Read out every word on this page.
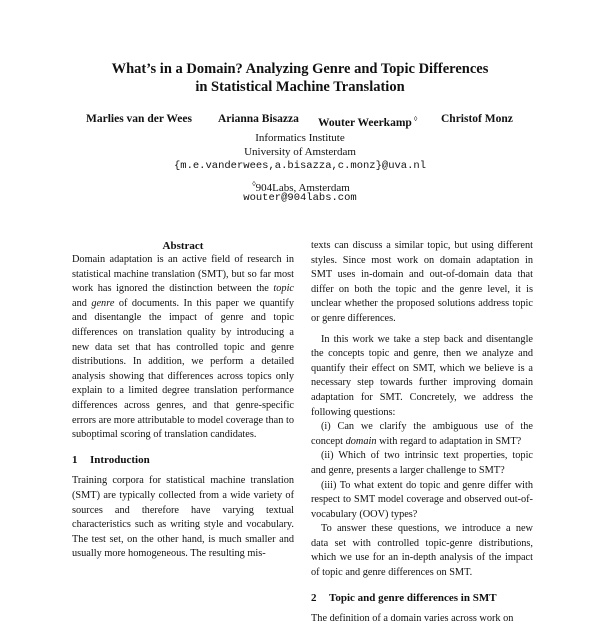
What’s in a Domain? Analyzing Genre and Topic Differences
in Statistical Machine Translation
Marlies van der Wees Arianna Bisazza Wouter Weerkamp ◊ Christof Monz
Informatics Institute
University of Amsterdam
{m.e.vanderwees,a.bisazza,c.monz}@uva.nl
◊904Labs, Amsterdam
wouter@904labs.com
Abstract

Domain adaptation is an active field of research in statistical machine translation (SMT), but so far most work has ignored the distinction between the topic and genre of documents. In this paper we quantify and disentangle the impact of genre and topic differences on translation quality by introducing a new data set that has controlled topic and genre distributions. In addition, we perform a detailed analysis showing that differences across topics only explain to a limited degree translation performance differences across genres, and that genre-specific errors are more attributable to model coverage than to suboptimal scoring of translation candidates.

1 Introduction

Training corpora for statistical machine translation (SMT) are typically collected from a wide variety of sources and therefore have varying textual characteristics such as writing style and vocabulary. The test set, on the other hand, is much smaller and usually more homogeneous. The resulting mis-

texts can discuss a similar topic, but using different styles. Since most work on domain adaptation in SMT uses in-domain and out-of-domain data that differ on both the topic and the genre level, it is unclear whether the proposed solutions address topic or genre differences.

In this work we take a step back and disentangle the concepts topic and genre, then we analyze and quantify their effect on SMT, which we believe is a necessary step towards further improving domain adaptation for SMT. Concretely, we address the following questions:

(i) Can we clarify the ambiguous use of the concept domain with regard to adaptation in SMT?

(ii) Which of two intrinsic text properties, topic and genre, presents a larger challenge to SMT?

(iii) To what extent do topic and genre differ with respect to SMT model coverage and observed out-of-vocabulary (OOV) types?

To answer these questions, we introduce a new data set with controlled topic-genre distributions, which we use for an in-depth analysis of the impact of topic and genre differences on SMT.

2 Topic and genre differences in SMT

The definition of a domain varies across work on
